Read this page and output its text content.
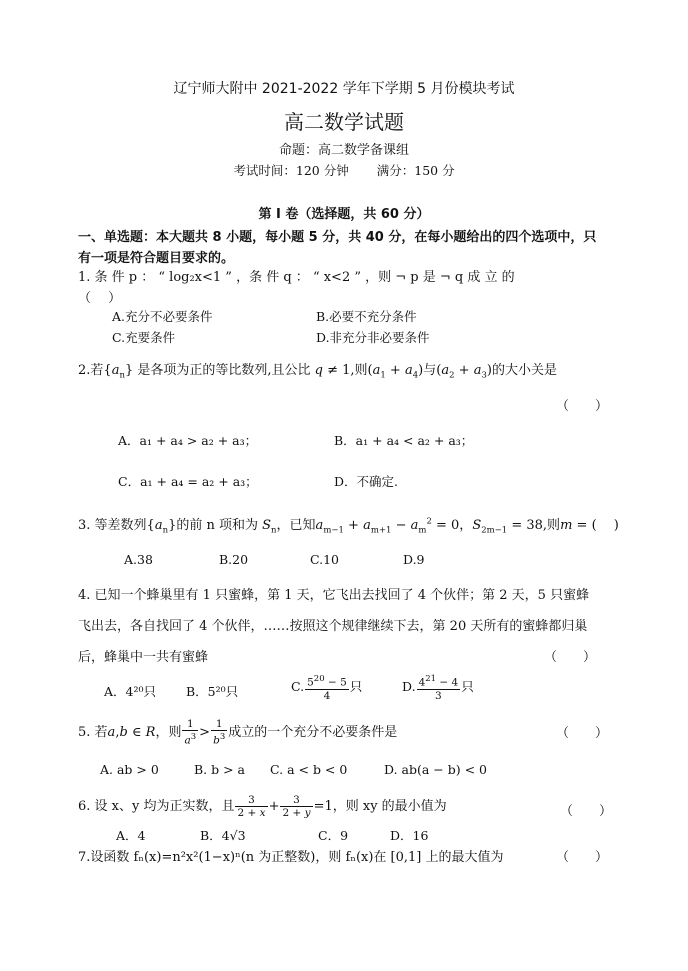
辽宁师大附中 2021-2022 学年下学期 5 月份模块考试
高二数学试题
命题：高二数学备课组
考试时间：120 分钟 满分：150 分
第 I 卷（选择题，共 60 分）
一、单选题：本大题共 8 小题，每小题 5 分，共 40 分，在每小题给出的四个选项中，只
有一项是符合题目要求的。
1. 条 件 p ： “ log₂x<1 ” ，条 件 q ： “ x<2 ” ，则 ¬ p 是 ¬ q 成 立 的
（　 ）
A.充分不必要条件	B.必要不充分条件
C.充要条件	D.非充分非必要条件
2.若$\{a_n\}$ 是各项为正的等比数列,且公比 q ≠ 1,则$(a_1 + a_4)$与$(a_2 + a_3)$的大小关是
（　　）
A．a₁ + a₄ > a₂ + a₃；	B．a₁ + a₄ < a₂ + a₃；
C．a₁ + a₄ = a₂ + a₃；	D．不确定.
3. 等差数列$\{a_n\}$的前 n 项和为 $S_n$，已知$a_{m-1} + a_{m+1} - a_m^2 = 0$，$S_{2m-1} = 38$,则m = (　 )
A.38	B.20	C.10	D.9
4. 已知一个蜂巢里有 1 只蜜蜂，第 1 天，它飞出去找回了 4 个伙伴；第 2 天，5 只蜜蜂
飞出去，各自找回了 4 个伙伴，……按照这个规律继续下去，第 20 天所有的蜜蜂都归巢
后，蜂巢中一共有蜜蜂	（　　）
A．4²⁰只 B．5²⁰只	C. $\frac{5^{20} - 5}{4}$ 只	D. $\frac{4^{21} - 4}{3}$ 只
5. 若a,b ∈ R，则 $\frac{1}{a^3} > \frac{1}{b^3}$ 成立的一个充分不必要条件是	（　　）
A. ab > 0	B. b > a C. a < b < 0	D. ab(a − b) < 0
6. 设 x、y 均为正实数，且 $\frac{3}{2 + x} + \frac{3}{2 + y} =1$，则 xy 的最小值为	（　　）
A．4	B．4√3	C．9	D．16
7.设函数 fₙ(x)=n²x²(1−x)ⁿ(n 为正整数)，则 fₙ(x)在 [0,1] 上的最大值为	（　　）
